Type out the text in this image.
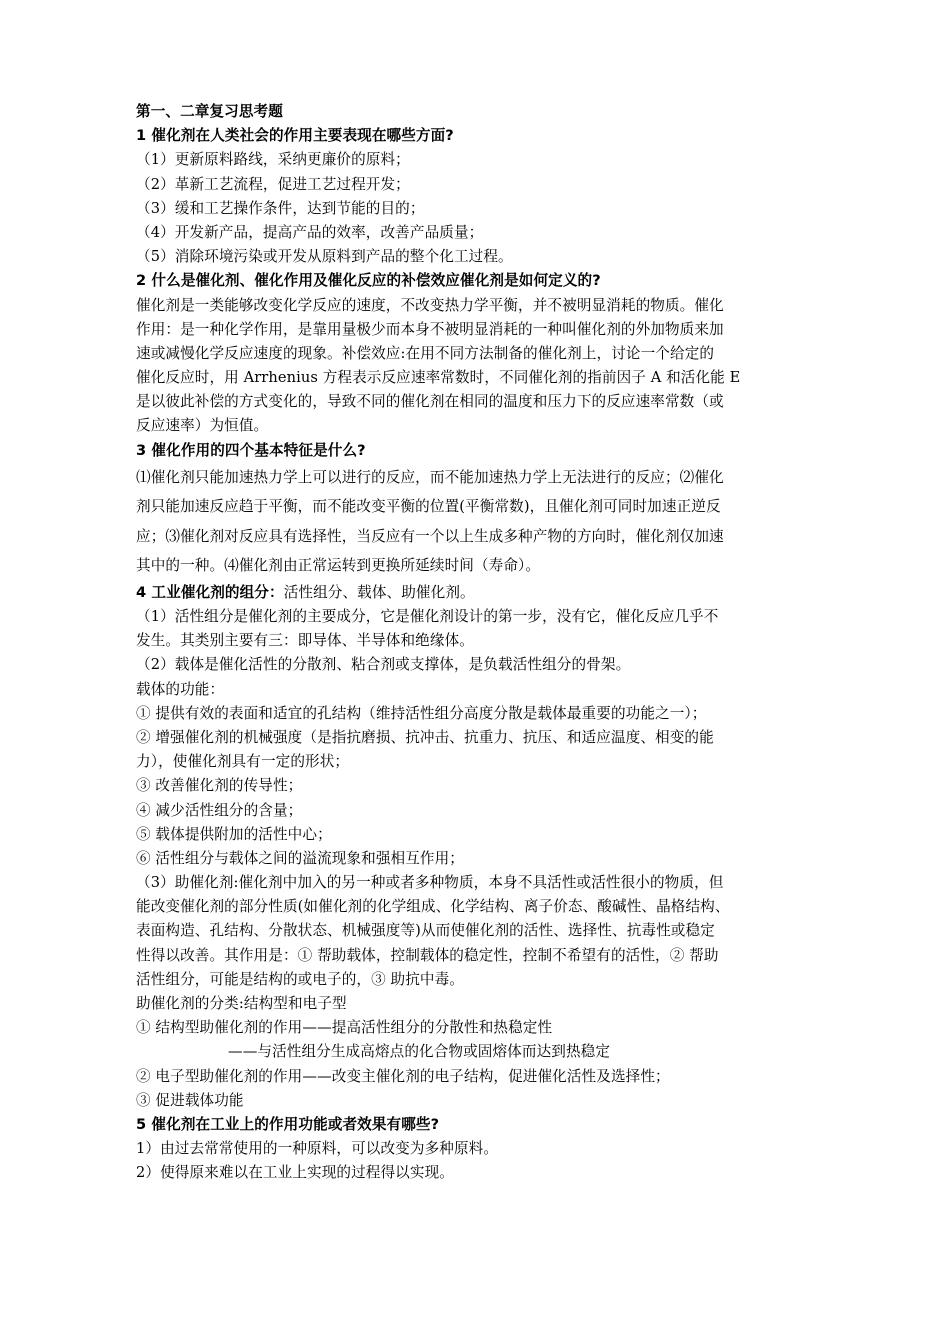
第一、二章复习思考题
1 催化剂在人类社会的作用主要表现在哪些方面?
（1）更新原料路线，采纳更廉价的原料；
（2）革新工艺流程，促进工艺过程开发；
（3）缓和工艺操作条件，达到节能的目的；
（4）开发新产品，提高产品的效率，改善产品质量；
（5）消除环境污染或开发从原料到产品的整个化工过程。
2 什么是催化剂、催化作用及催化反应的补偿效应催化剂是如何定义的?
催化剂是一类能够改变化学反应的速度，不改变热力学平衡，并不被明显消耗的物质。催化
作用：是一种化学作用，是靠用量极少而本身不被明显消耗的一种叫催化剂的外加物质来加
速或减慢化学反应速度的现象。补偿效应:在用不同方法制备的催化剂上，讨论一个给定的
催化反应时，用 Arrhenius 方程表示反应速率常数时，不同催化剂的指前因子 A 和活化能 E
是以彼此补偿的方式变化的，导致不同的催化剂在相同的温度和压力下的反应速率常数（或
反应速率）为恒值。
3 催化作用的四个基本特征是什么?
⑴催化剂只能加速热力学上可以进行的反应，而不能加速热力学上无法进行的反应；⑵催化
剂只能加速反应趋于平衡，而不能改变平衡的位置(平衡常数)，且催化剂可同时加速正逆反
应；⑶催化剂对反应具有选择性，当反应有一个以上生成多种产物的方向时，催化剂仅加速
其中的一种。⑷催化剂由正常运转到更换所延续时间（寿命）。
4 工业催化剂的组分：活性组分、载体、助催化剂。
（1）活性组分是催化剂的主要成分，它是催化剂设计的第一步，没有它，催化反应几乎不
发生。其类别主要有三：即导体、半导体和绝缘体。
（2）载体是催化活性的分散剂、粘合剂或支撑体，是负载活性组分的骨架。
载体的功能：
① 提供有效的表面和适宜的孔结构（维持活性组分高度分散是载体最重要的功能之一）；
② 增强催化剂的机械强度（是指抗磨损、抗冲击、抗重力、抗压、和适应温度、相变的能
力），使催化剂具有一定的形状；
③ 改善催化剂的传导性；
④ 减少活性组分的含量；
⑤ 载体提供附加的活性中心；
⑥ 活性组分与载体之间的溢流现象和强相互作用；
（3）助催化剂:催化剂中加入的另一种或者多种物质，本身不具活性或活性很小的物质，但
能改变催化剂的部分性质(如催化剂的化学组成、化学结构、离子价态、酸碱性、晶格结构、
表面构造、孔结构、分散状态、机械强度等)从而使催化剂的活性、选择性、抗毒性或稳定
性得以改善。其作用是：① 帮助载体，控制载体的稳定性，控制不希望有的活性，② 帮助
活性组分，可能是结构的或电子的，③ 助抗中毒。
助催化剂的分类:结构型和电子型
① 结构型助催化剂的作用——提高活性组分的分散性和热稳定性
——与活性组分生成高熔点的化合物或固熔体而达到热稳定
② 电子型助催化剂的作用——改变主催化剂的电子结构，促进催化活性及选择性；
③ 促进载体功能
5 催化剂在工业上的作用功能或者效果有哪些?
1）由过去常常使用的一种原料，可以改变为多种原料。
2）使得原来难以在工业上实现的过程得以实现。
